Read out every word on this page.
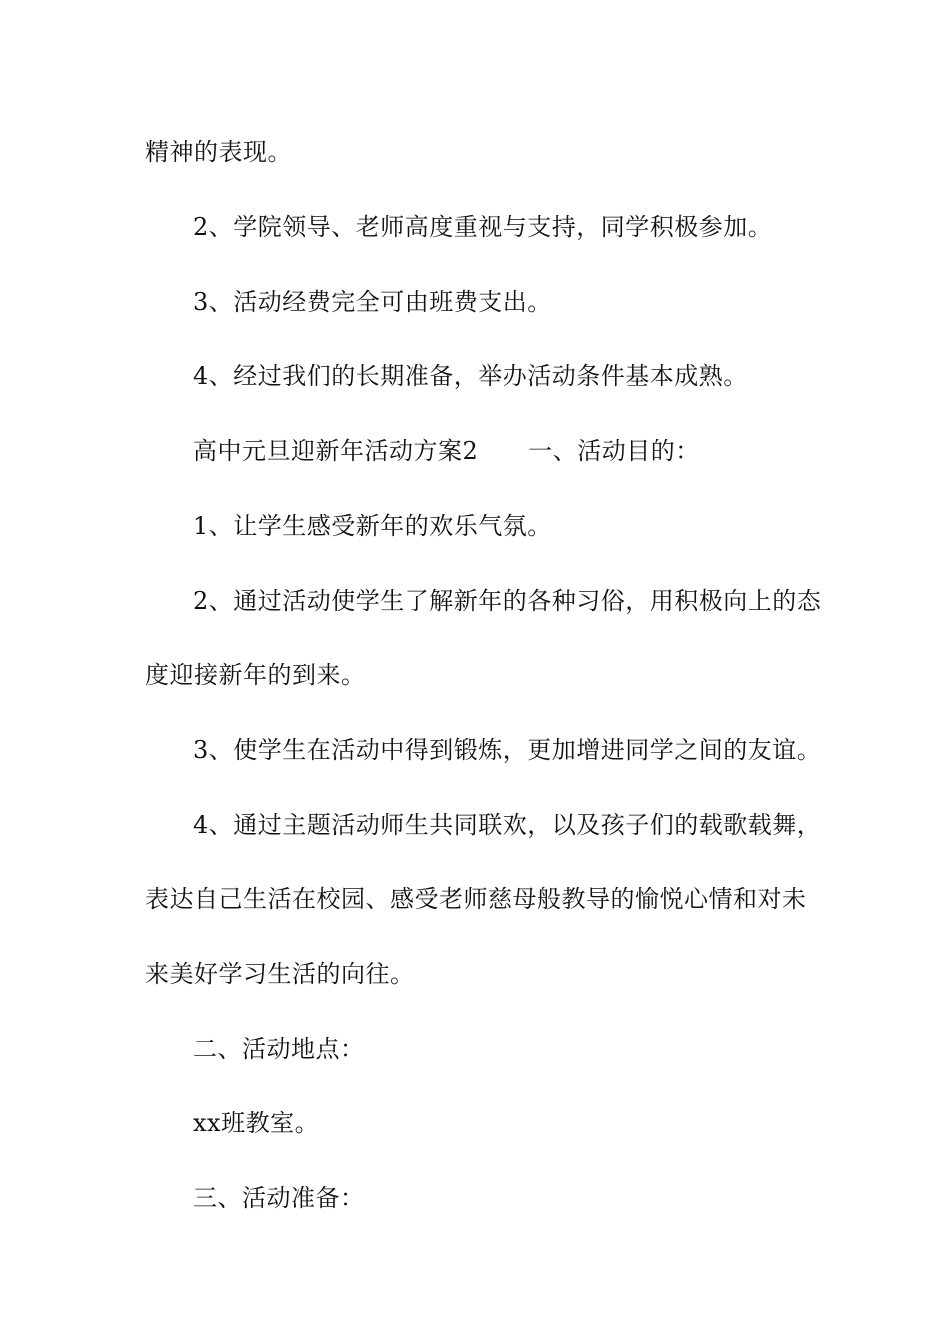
精神的表现。
2、学院领导、老师高度重视与支持，同学积极参加。
3、活动经费完全可由班费支出。
4、经过我们的长期准备，举办活动条件基本成熟。
高中元旦迎新年活动方案2 一、活动目的：
1、让学生感受新年的欢乐气氛。
2、通过活动使学生了解新年的各种习俗，用积极向上的态
度迎接新年的到来。
3、使学生在活动中得到锻炼，更加增进同学之间的友谊。
4、通过主题活动师生共同联欢，以及孩子们的载歌载舞，
表达自己生活在校园、感受老师慈母般教导的愉悦心情和对未
来美好学习生活的向往。
二、活动地点：
xx班教室。
三、活动准备：
